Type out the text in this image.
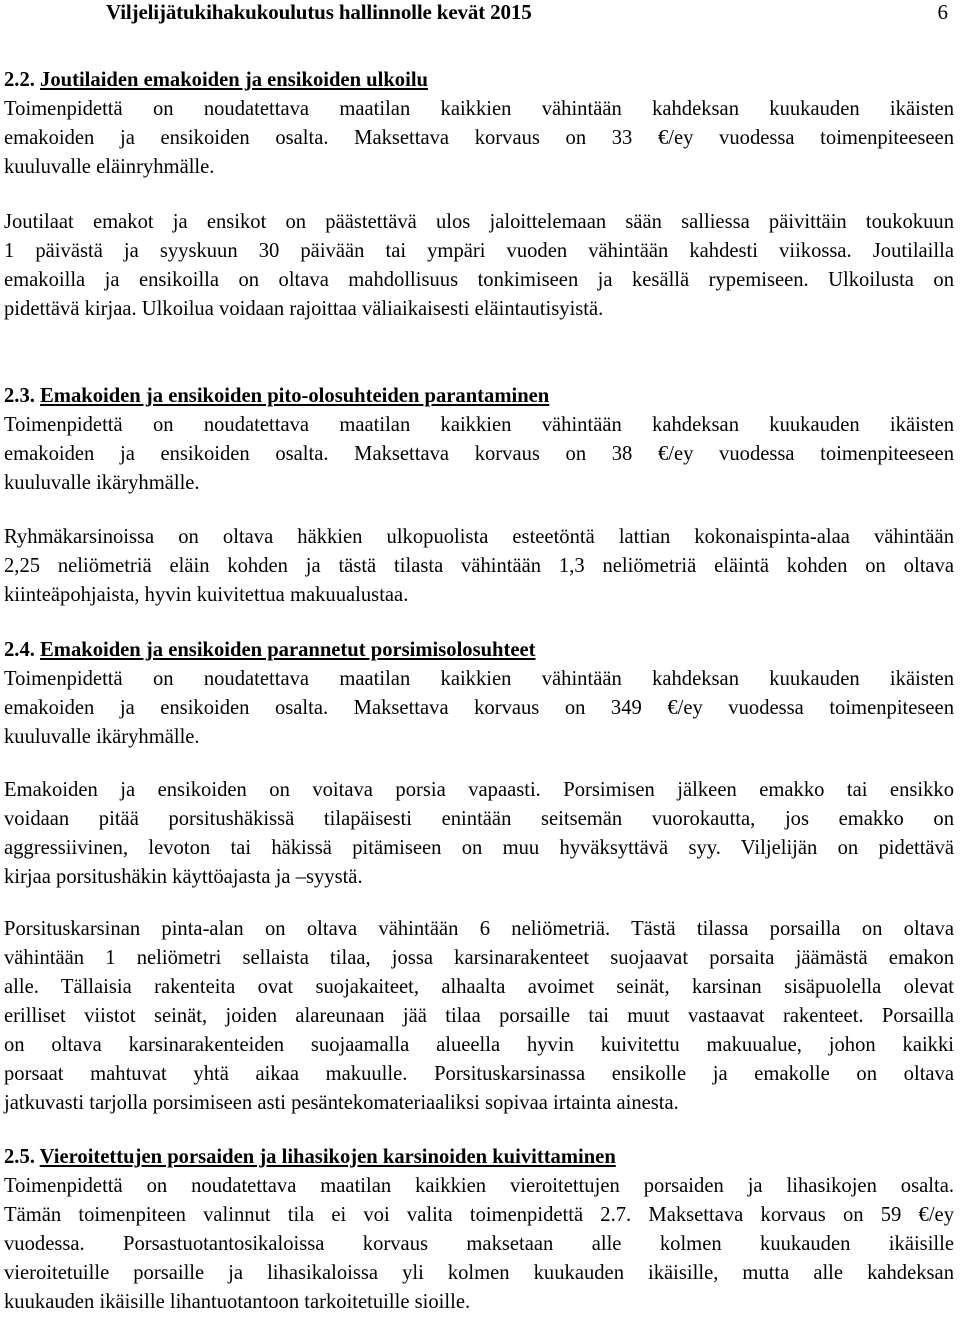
Viljelijätukihakukoulutus hallinnolle kevät 2015	6
2.2. Joutilaiden emakoiden ja ensikoiden ulkoilu
Toimenpidettä on noudatettava maatilan kaikkien vähintään kahdeksan kuukauden ikäisten
emakoiden ja ensikoiden osalta. Maksettava korvaus on 33 €/ey vuodessa toimenpiteeseen
kuuluvalle eläinryhmälle.
Joutilaat emakot ja ensikot on päästettävä ulos jaloittelemaan sään salliessa päivittäin toukokuun
1 päivästä ja syyskuun 30 päivään tai ympäri vuoden vähintään kahdesti viikossa. Joutilailla
emakoilla ja ensikoilla on oltava mahdollisuus tonkimiseen ja kesällä rypemiseen. Ulkoilusta on
pidettävä kirjaa. Ulkoilua voidaan rajoittaa väliaikaisesti eläintautisyistä.
2.3. Emakoiden ja ensikoiden pito-olosuhteiden parantaminen
Toimenpidettä on noudatettava maatilan kaikkien vähintään kahdeksan kuukauden ikäisten
emakoiden ja ensikoiden osalta. Maksettava korvaus on 38 €/ey vuodessa toimenpiteeseen
kuuluvalle ikäryhmälle.
Ryhmäkarsinoissa on oltava häkkien ulkopuolista esteetöntä lattian kokonaispinta-alaa vähintään
2,25 neliömetriä eläin kohden ja tästä tilasta vähintään 1,3 neliömetriä eläintä kohden on oltava
kiinteäpohjaista, hyvin kuivitettua makuualustaa.
2.4. Emakoiden ja ensikoiden parannetut porsimisolosuhteet
Toimenpidettä on noudatettava maatilan kaikkien vähintään kahdeksan kuukauden ikäisten
emakoiden ja ensikoiden osalta. Maksettava korvaus on 349 €/ey vuodessa toimenpiteseen
kuuluvalle ikäryhmälle.
Emakoiden ja ensikoiden on voitava porsia vapaasti. Porsimisen jälkeen emakko tai ensikko
voidaan pitää porsitushäkissä tilapäisesti enintään seitsemän vuorokautta, jos emakko on
aggressiivinen, levoton tai häkissä pitämiseen on muu hyväksyttävä syy. Viljelijän on pidettävä
kirjaa porsitushäkin käyttöajasta ja –syystä.
Porsituskarsinan pinta-alan on oltava vähintään 6 neliömetriä. Tästä tilassa porsailla on oltava
vähintään 1 neliömetri sellaista tilaa, jossa karsinarakenteet suojaavat porsaita jäämästä emakon
alle. Tällaisia rakenteita ovat suojakaiteet, alhaalta avoimet seinät, karsinan sisäpuolella olevat
erilliset viistot seinät, joiden alareunaan jää tilaa porsaille tai muut vastaavat rakenteet. Porsailla
on oltava karsinarakenteiden suojaamalla alueella hyvin kuivitettu makuualue, johon kaikki
porsaat mahtuvat yhtä aikaa makuulle. Porsituskarsinassa ensikolle ja emakolle on oltava
jatkuvasti tarjolla porsimiseen asti pesäntekomateriaaliksi sopivaa irtainta ainesta.
2.5. Vieroitettujen porsaiden ja lihasikojen karsinoiden kuivittaminen
Toimenpidettä on noudatettava maatilan kaikkien vieroitettujen porsaiden ja lihasikojen osalta.
Tämän toimenpiteen valinnut tila ei voi valita toimenpidettä 2.7. Maksettava korvaus on 59 €/ey
vuodessa. Porsastuotantosikaloissa korvaus maksetaan alle kolmen kuukauden ikäisille
vieroitetuille porsaille ja lihasikaloissa yli kolmen kuukauden ikäisille, mutta alle kahdeksan
kuukauden ikäisille lihantuotantoon tarkoitetuille sioille.
